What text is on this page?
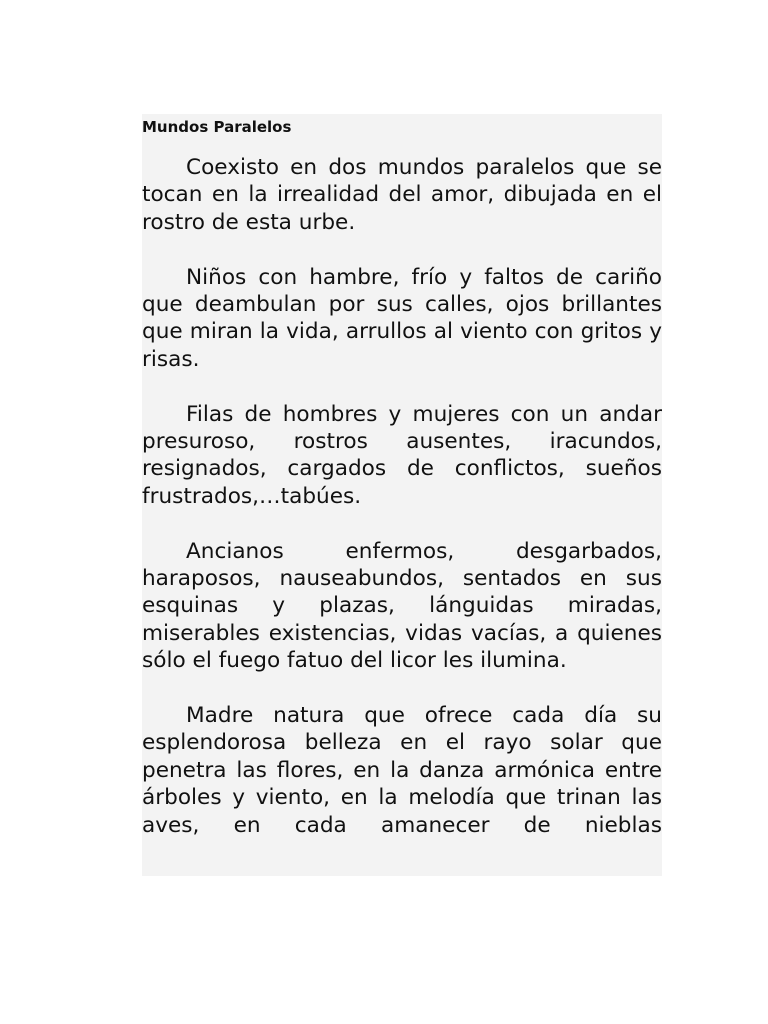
Mundos Paralelos

Coexisto en dos mundos paralelos que se tocan en la irrealidad del amor, dibujada en el rostro de esta urbe.

Niños con hambre, frío y faltos de cariño que deambulan por sus calles, ojos brillantes que miran la vida, arrullos al viento con gritos y risas.

Filas de hombres y mujeres con un andar presuroso, rostros ausentes, iracundos, resignados, cargados de conflictos, sueños frustrados,…tabúes.

Ancianos enfermos, desgarbados, haraposos, nauseabundos, sentados en sus esquinas y plazas, lánguidas miradas, miserables existencias, vidas vacías, a quienes sólo el fuego fatuo del licor les ilumina.

Madre natura que ofrece cada día su esplendorosa belleza en el rayo solar que penetra las flores, en la danza armónica entre árboles y viento, en la melodía que trinan las aves, en cada amanecer de nieblas
